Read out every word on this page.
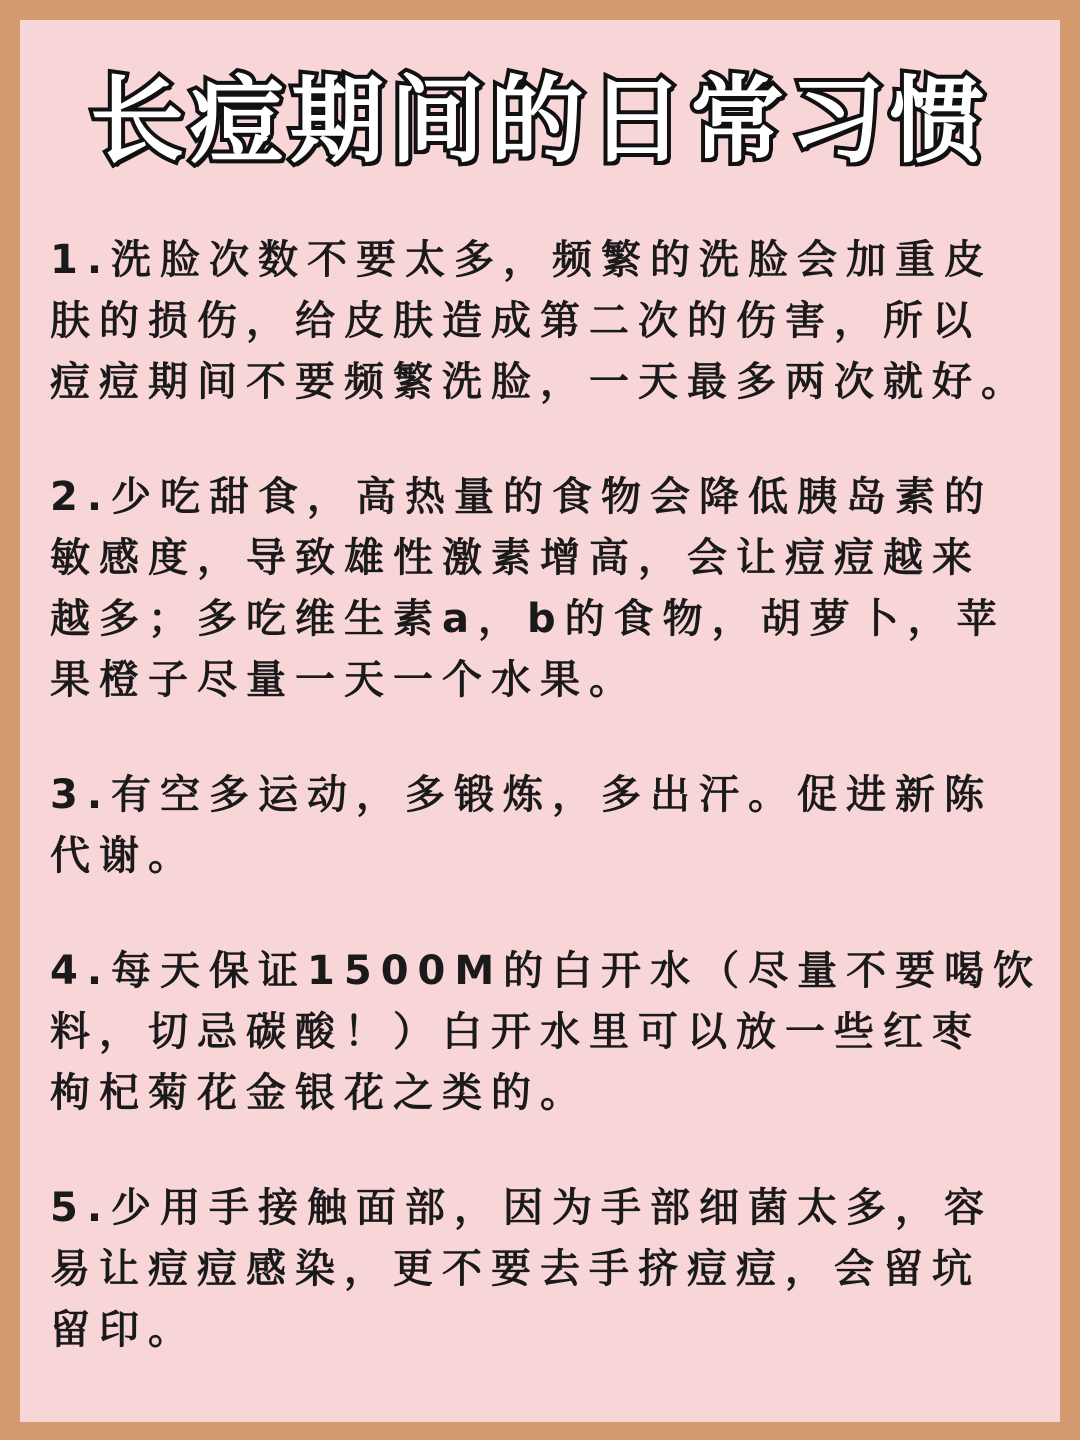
长痘期间的日常习惯

1.洗脸次数不要太多，频繁的洗脸会加重皮
肤的损伤，给皮肤造成第二次的伤害，所以
痘痘期间不要频繁洗脸，一天最多两次就好。

2.少吃甜食，高热量的食物会降低胰岛素的
敏感度，导致雄性激素增高，会让痘痘越来
越多；多吃维生素a，b的食物，胡萝卜，苹
果橙子尽量一天一个水果。

3.有空多运动，多锻炼，多出汗。促进新陈
代谢。

4.每天保证1500M的白开水（尽量不要喝饮
料，切忌碳酸！）白开水里可以放一些红枣
枸杞菊花金银花之类的。

5.少用手接触面部，因为手部细菌太多，容
易让痘痘感染，更不要去手挤痘痘，会留坑
留印。
